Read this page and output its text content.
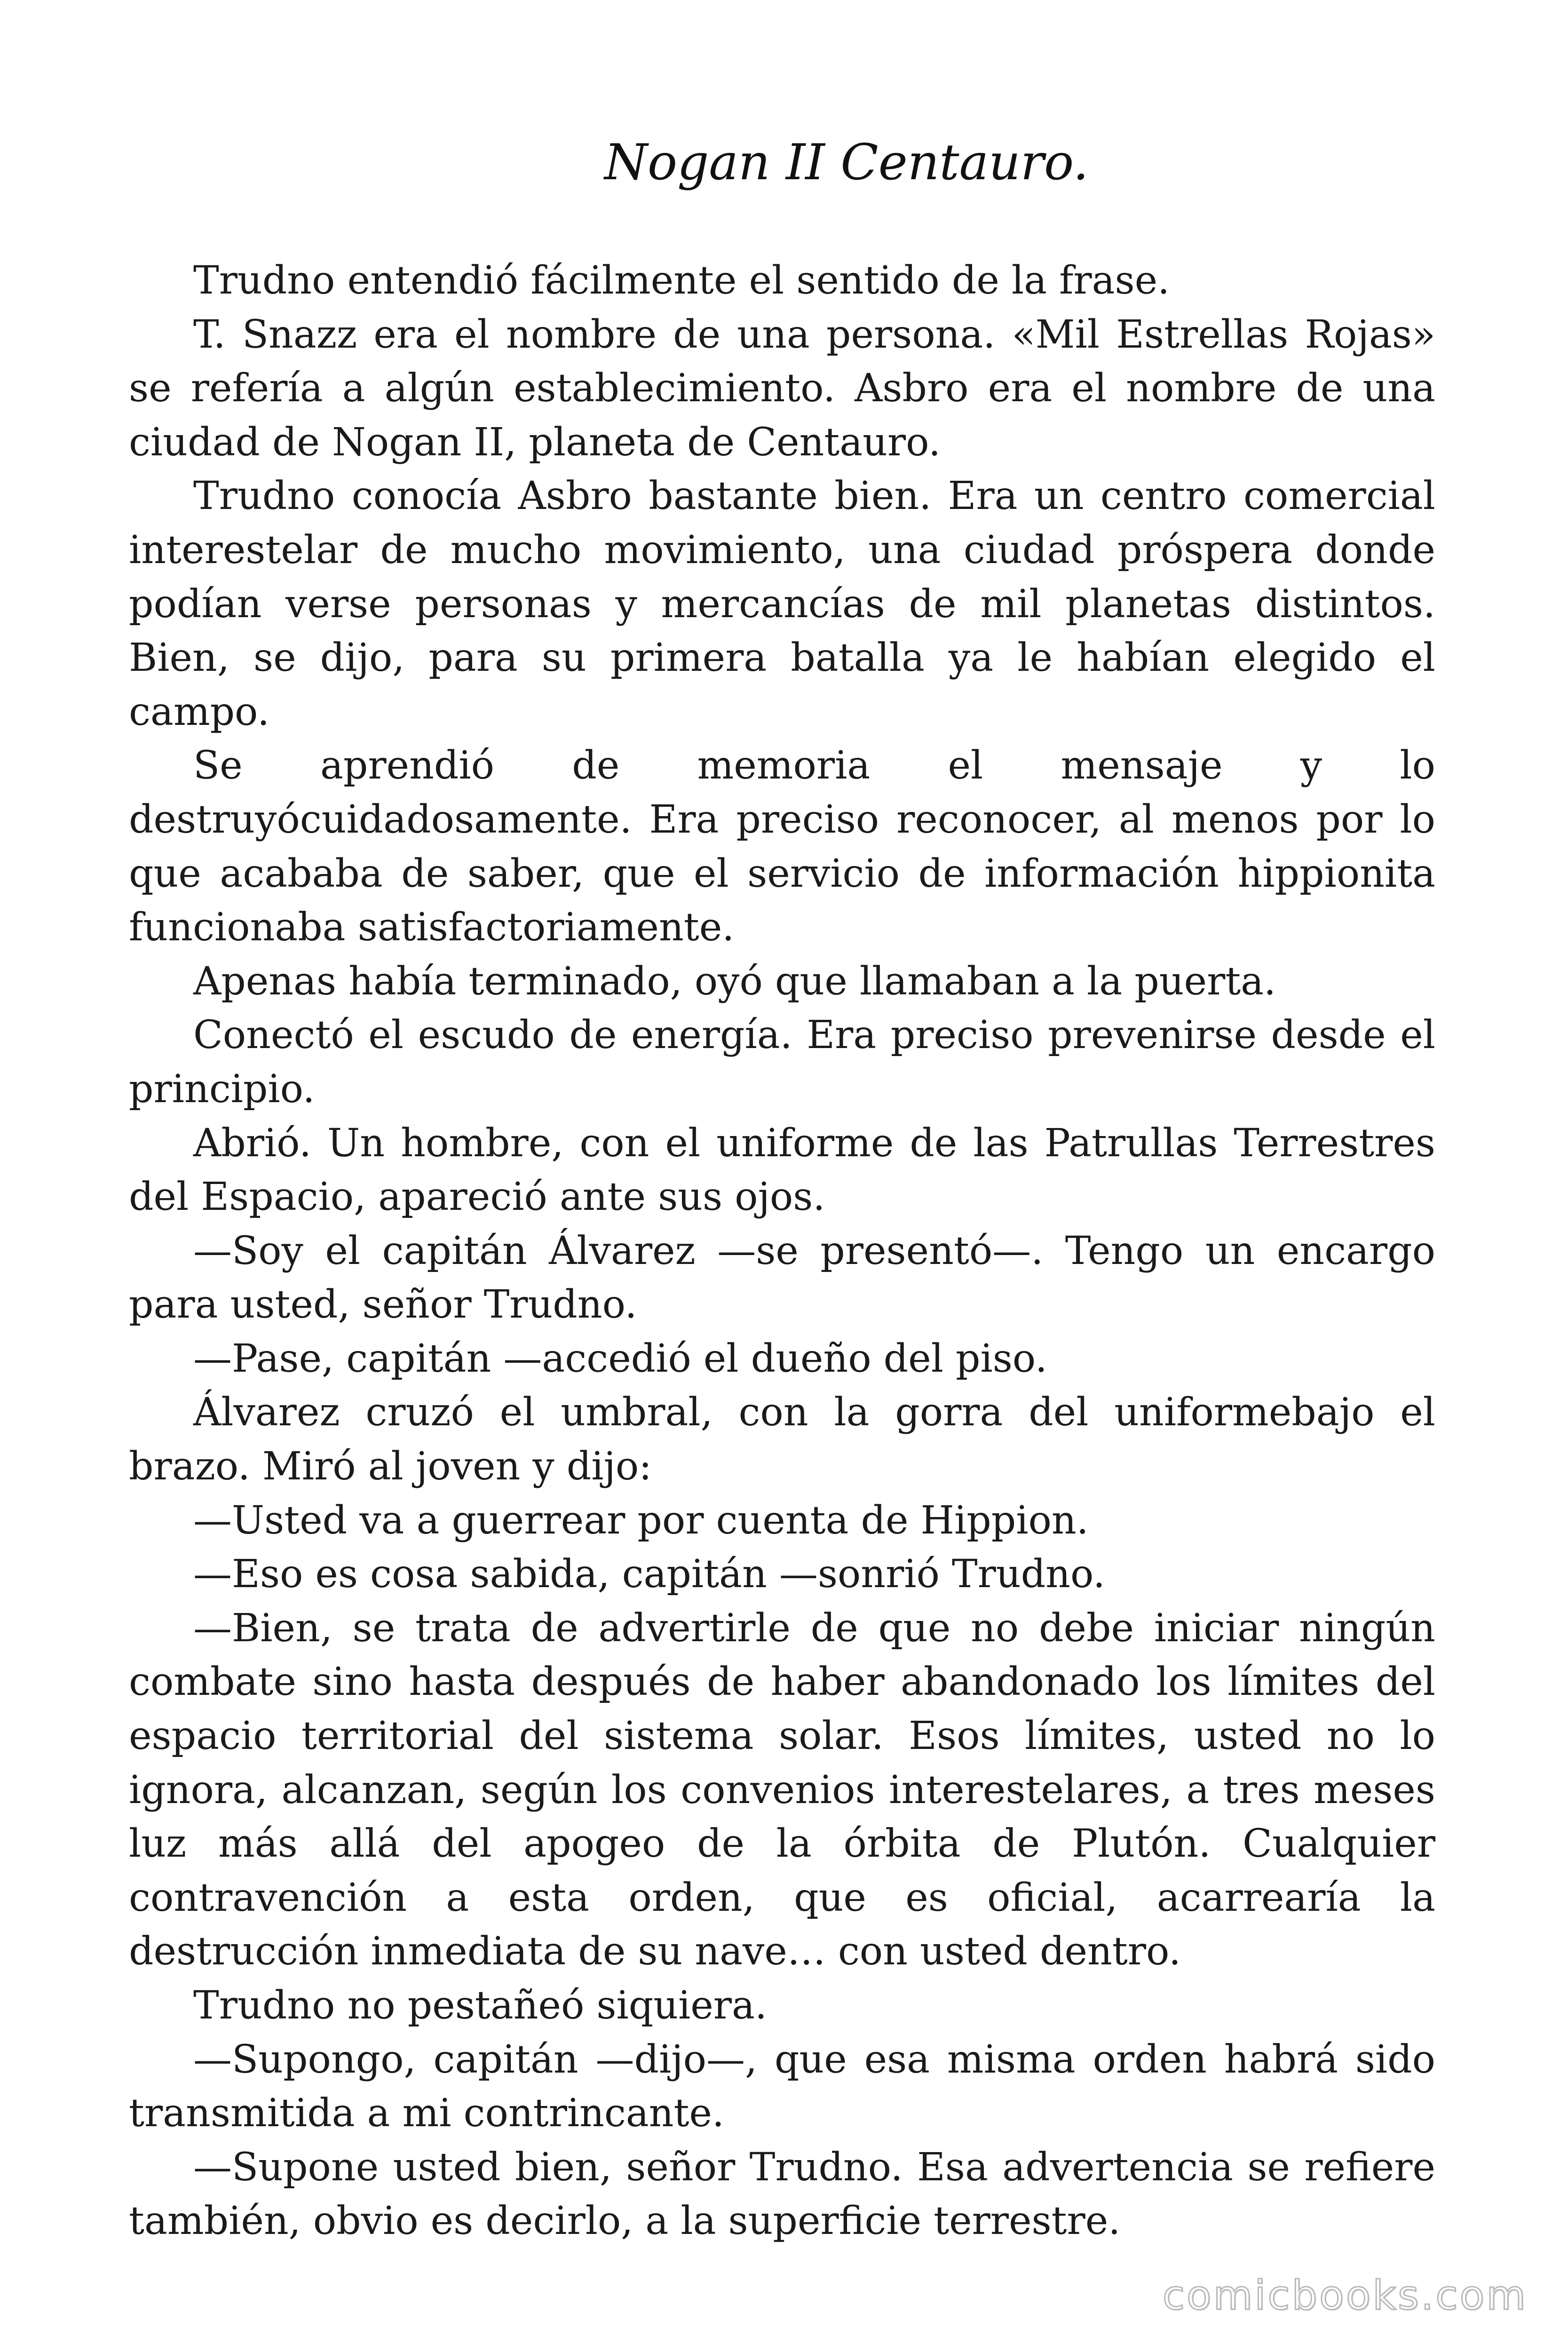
Nogan II Centauro.

Trudno entendió fácilmente el sentido de la frase.

T. Snazz era el nombre de una persona. «Mil Estrellas Rojas» se refería a algún establecimiento. Asbro era el nombre de una ciudad de Nogan II, planeta de Centauro.

Trudno conocía Asbro bastante bien. Era un centro comercial interestelar de mucho movimiento, una ciudad próspera donde podían verse personas y mercancías de mil planetas distintos. Bien, se dijo, para su primera batalla ya le habían elegido el campo.

Se aprendió de memoria el mensaje y lo destruyócuidadosamente. Era preciso reconocer, al menos por lo que acababa de saber, que el servicio de información hippionita funcionaba satisfactoriamente.

Apenas había terminado, oyó que llamaban a la puerta.

Conectó el escudo de energía. Era preciso prevenirse desde el principio.

Abrió. Un hombre, con el uniforme de las Patrullas Terrestres del Espacio, apareció ante sus ojos.

—Soy el capitán Álvarez —se presentó—. Tengo un encargo para usted, señor Trudno.

—Pase, capitán —accedió el dueño del piso.

Álvarez cruzó el umbral, con la gorra del uniformebajo el brazo. Miró al joven y dijo:

—Usted va a guerrear por cuenta de Hippion.

—Eso es cosa sabida, capitán —sonrió Trudno.

—Bien, se trata de advertirle de que no debe iniciar ningún combate sino hasta después de haber abandonado los límites del espacio territorial del sistema solar. Esos límites, usted no lo ignora, alcanzan, según los convenios interestelares, a tres meses luz más allá del apogeo de la órbita de Plutón. Cualquier contravención a esta orden, que es oficial, acarrearía la destrucción inmediata de su nave… con usted dentro.

Trudno no pestañeó siquiera.

—Supongo, capitán —dijo—, que esa misma orden habrá sido transmitida a mi contrincante.

—Supone usted bien, señor Trudno. Esa advertencia se refiere también, obvio es decirlo, a la superficie terrestre.

comicbooks.com
